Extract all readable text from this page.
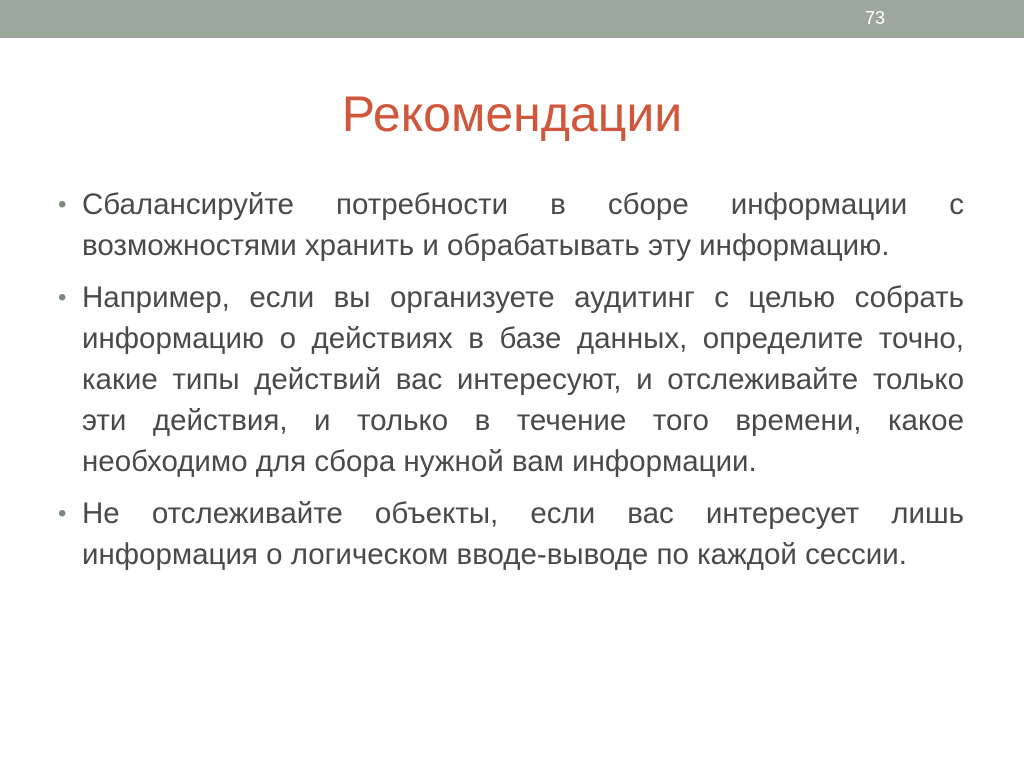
73
Рекомендации
• Сбалансируйте потребности в сборе информации с возможностями хранить и обрабатывать эту информацию.
• Например, если вы организуете аудитинг с целью собрать информацию о действиях в базе данных, определите точно, какие типы действий вас интересуют, и отслеживайте только эти действия, и только в течение того времени, какое необходимо для сбора нужной вам информации.
• Не отслеживайте объекты, если вас интересует лишь информация о логическом вводе-выводе по каждой сессии.
